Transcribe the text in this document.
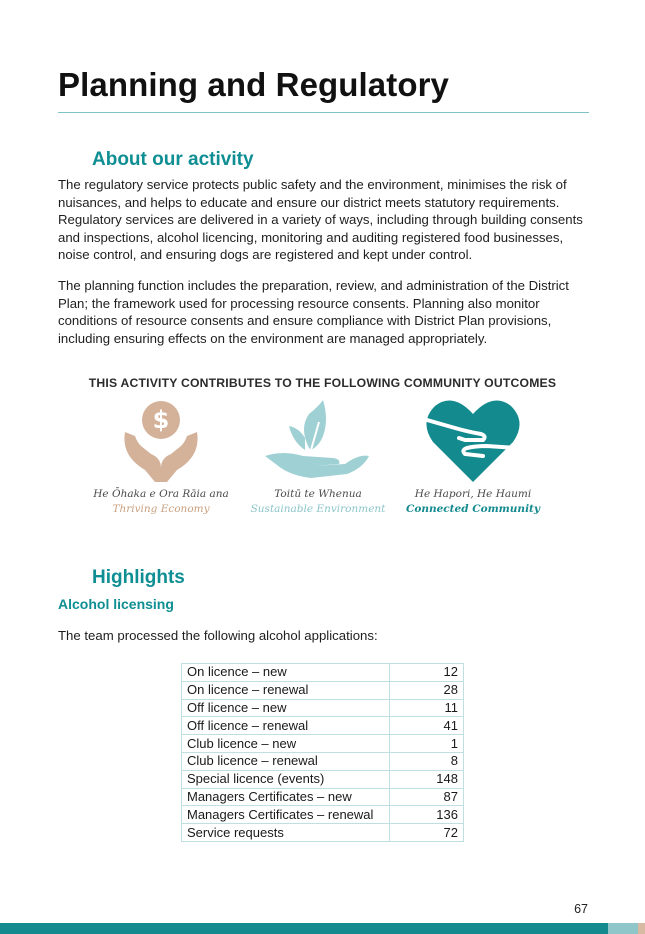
Planning and Regulatory
About our activity

The regulatory service protects public safety and the environment, minimises the risk of nuisances, and helps to educate and ensure our district meets statutory requirements. Regulatory services are delivered in a variety of ways, including through building consents and inspections, alcohol licencing, monitoring and auditing registered food businesses, noise control, and ensuring dogs are registered and kept under control.

The planning function includes the preparation, review, and administration of the District Plan; the framework used for processing resource consents. Planning also monitor conditions of resource consents and ensure compliance with District Plan provisions, including ensuring effects on the environment are managed appropriately.

THIS ACTIVITY CONTRIBUTES TO THE FOLLOWING COMMUNITY OUTCOMES

$
He Ōhaka e Ora Rāia ana
Thriving Economy
Toitū te Whenua
Sustainable Environment
He Hapori, He Haumi
Connected Community
Highlights
Alcohol licensing

The team processed the following alcohol applications:

On licence – new	12
On licence – renewal	28
Off licence – new	11
Off licence – renewal	41
Club licence – new	1
Club licence – renewal	8
Special licence (events)	148
Managers Certificates – new	87
Managers Certificates – renewal	136
Service requests	72
67
